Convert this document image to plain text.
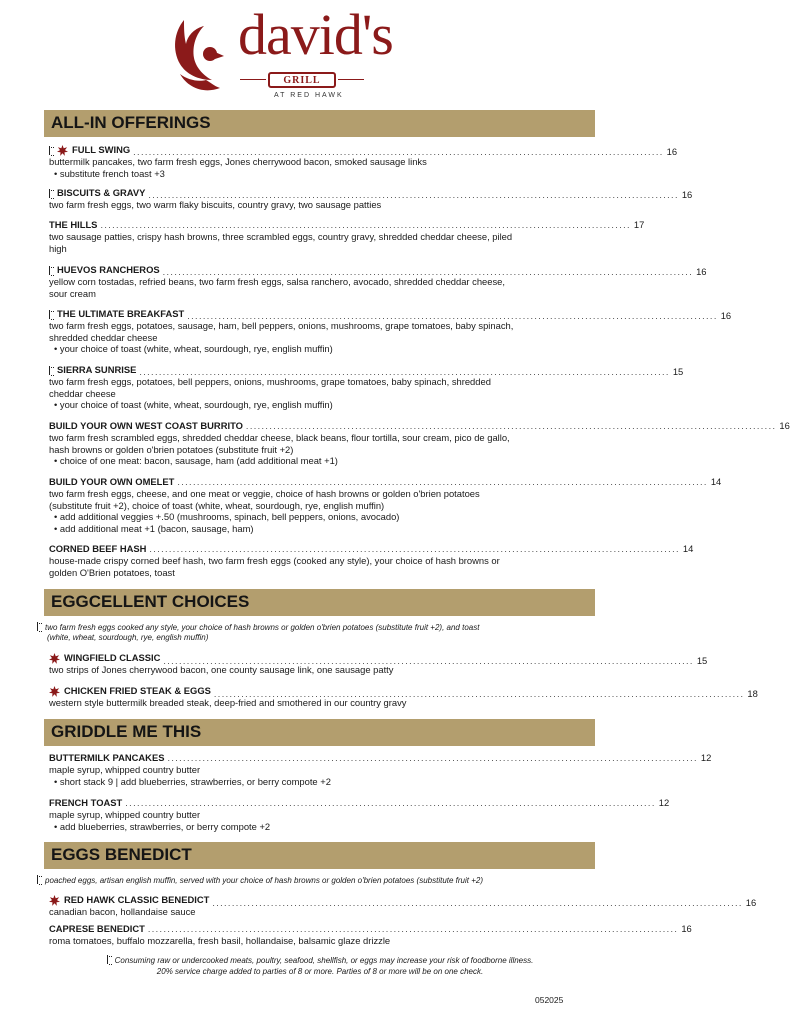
david's
GRILL
AT RED HAWK
ALL-IN OFFERINGS
FULL SWING ........................................................................................................................................ 16
buttermilk pancakes, two farm fresh eggs, Jones cherrywood bacon, smoked sausage links
• substitute french toast +3
BISCUITS & GRAVY ........................................................................................................................................ 16
two farm fresh eggs, two warm flaky biscuits, country gravy, two sausage patties
THE HILLS ........................................................................................................................................ 17
two sausage patties, crispy hash browns, three scrambled eggs, country gravy, shredded cheddar cheese, piled
high
HUEVOS RANCHEROS ........................................................................................................................................ 16
yellow corn tostadas, refried beans, two farm fresh eggs, salsa ranchero, avocado, shredded cheddar cheese,
sour cream
THE ULTIMATE BREAKFAST ........................................................................................................................................ 16
two farm fresh eggs, potatoes, sausage, ham, bell peppers, onions, mushrooms, grape tomatoes, baby spinach,
shredded cheddar cheese
• your choice of toast (white, wheat, sourdough, rye, english muffin)
SIERRA SUNRISE ........................................................................................................................................ 15
two farm fresh eggs, potatoes, bell peppers, onions, mushrooms, grape tomatoes, baby spinach, shredded
cheddar cheese
• your choice of toast (white, wheat, sourdough, rye, english muffin)
BUILD YOUR OWN WEST COAST BURRITO ........................................................................................................................................ 16
two farm fresh scrambled eggs, shredded cheddar cheese, black beans, flour tortilla, sour cream, pico de gallo,
hash browns or golden o'brien potatoes (substitute fruit +2)
• choice of one meat: bacon, sausage, ham (add additional meat +1)
BUILD YOUR OWN OMELET ........................................................................................................................................ 14
two farm fresh eggs, cheese, and one meat or veggie, choice of hash browns or golden o'brien potatoes
(substitute fruit +2), choice of toast (white, wheat, sourdough, rye, english muffin)
• add additional veggies +.50 (mushrooms, spinach, bell peppers, onions, avocado)
• add additional meat +1 (bacon, sausage, ham)
CORNED BEEF HASH ........................................................................................................................................ 14
house-made crispy corned beef hash, two farm fresh eggs (cooked any style), your choice of hash browns or
golden O'Brien potatoes, toast
EGGCELLENT CHOICES
two farm fresh eggs cooked any style, your choice of hash browns or golden o'brien potatoes (substitute fruit +2), and toast
(white, wheat, sourdough, rye, english muffin)
WINGFIELD CLASSIC ........................................................................................................................................ 15
two strips of Jones cherrywood bacon, one county sausage link, one sausage patty
CHICKEN FRIED STEAK & EGGS ........................................................................................................................................ 18
western style buttermilk breaded steak, deep-fried and smothered in our country gravy
GRIDDLE ME THIS
BUTTERMILK PANCAKES ........................................................................................................................................ 12
maple syrup, whipped country butter
• short stack 9 | add blueberries, strawberries, or berry compote +2
FRENCH TOAST ........................................................................................................................................ 12
maple syrup, whipped country butter
• add blueberries, strawberries, or berry compote +2
EGGS BENEDICT
poached eggs, artisan english muffin, served with your choice of hash browns or golden o'brien potatoes (substitute fruit +2)
RED HAWK CLASSIC BENEDICT ........................................................................................................................................ 16
canadian bacon, hollandaise sauce
CAPRESE BENEDICT ........................................................................................................................................ 16
roma tomatoes, buffalo mozzarella, fresh basil, hollandaise, balsamic glaze drizzle
Consuming raw or undercooked meats, poultry, seafood, shellfish, or eggs may increase your risk of foodborne illness.
20% service charge added to parties of 8 or more. Parties of 8 or more will be on one check.
052025
